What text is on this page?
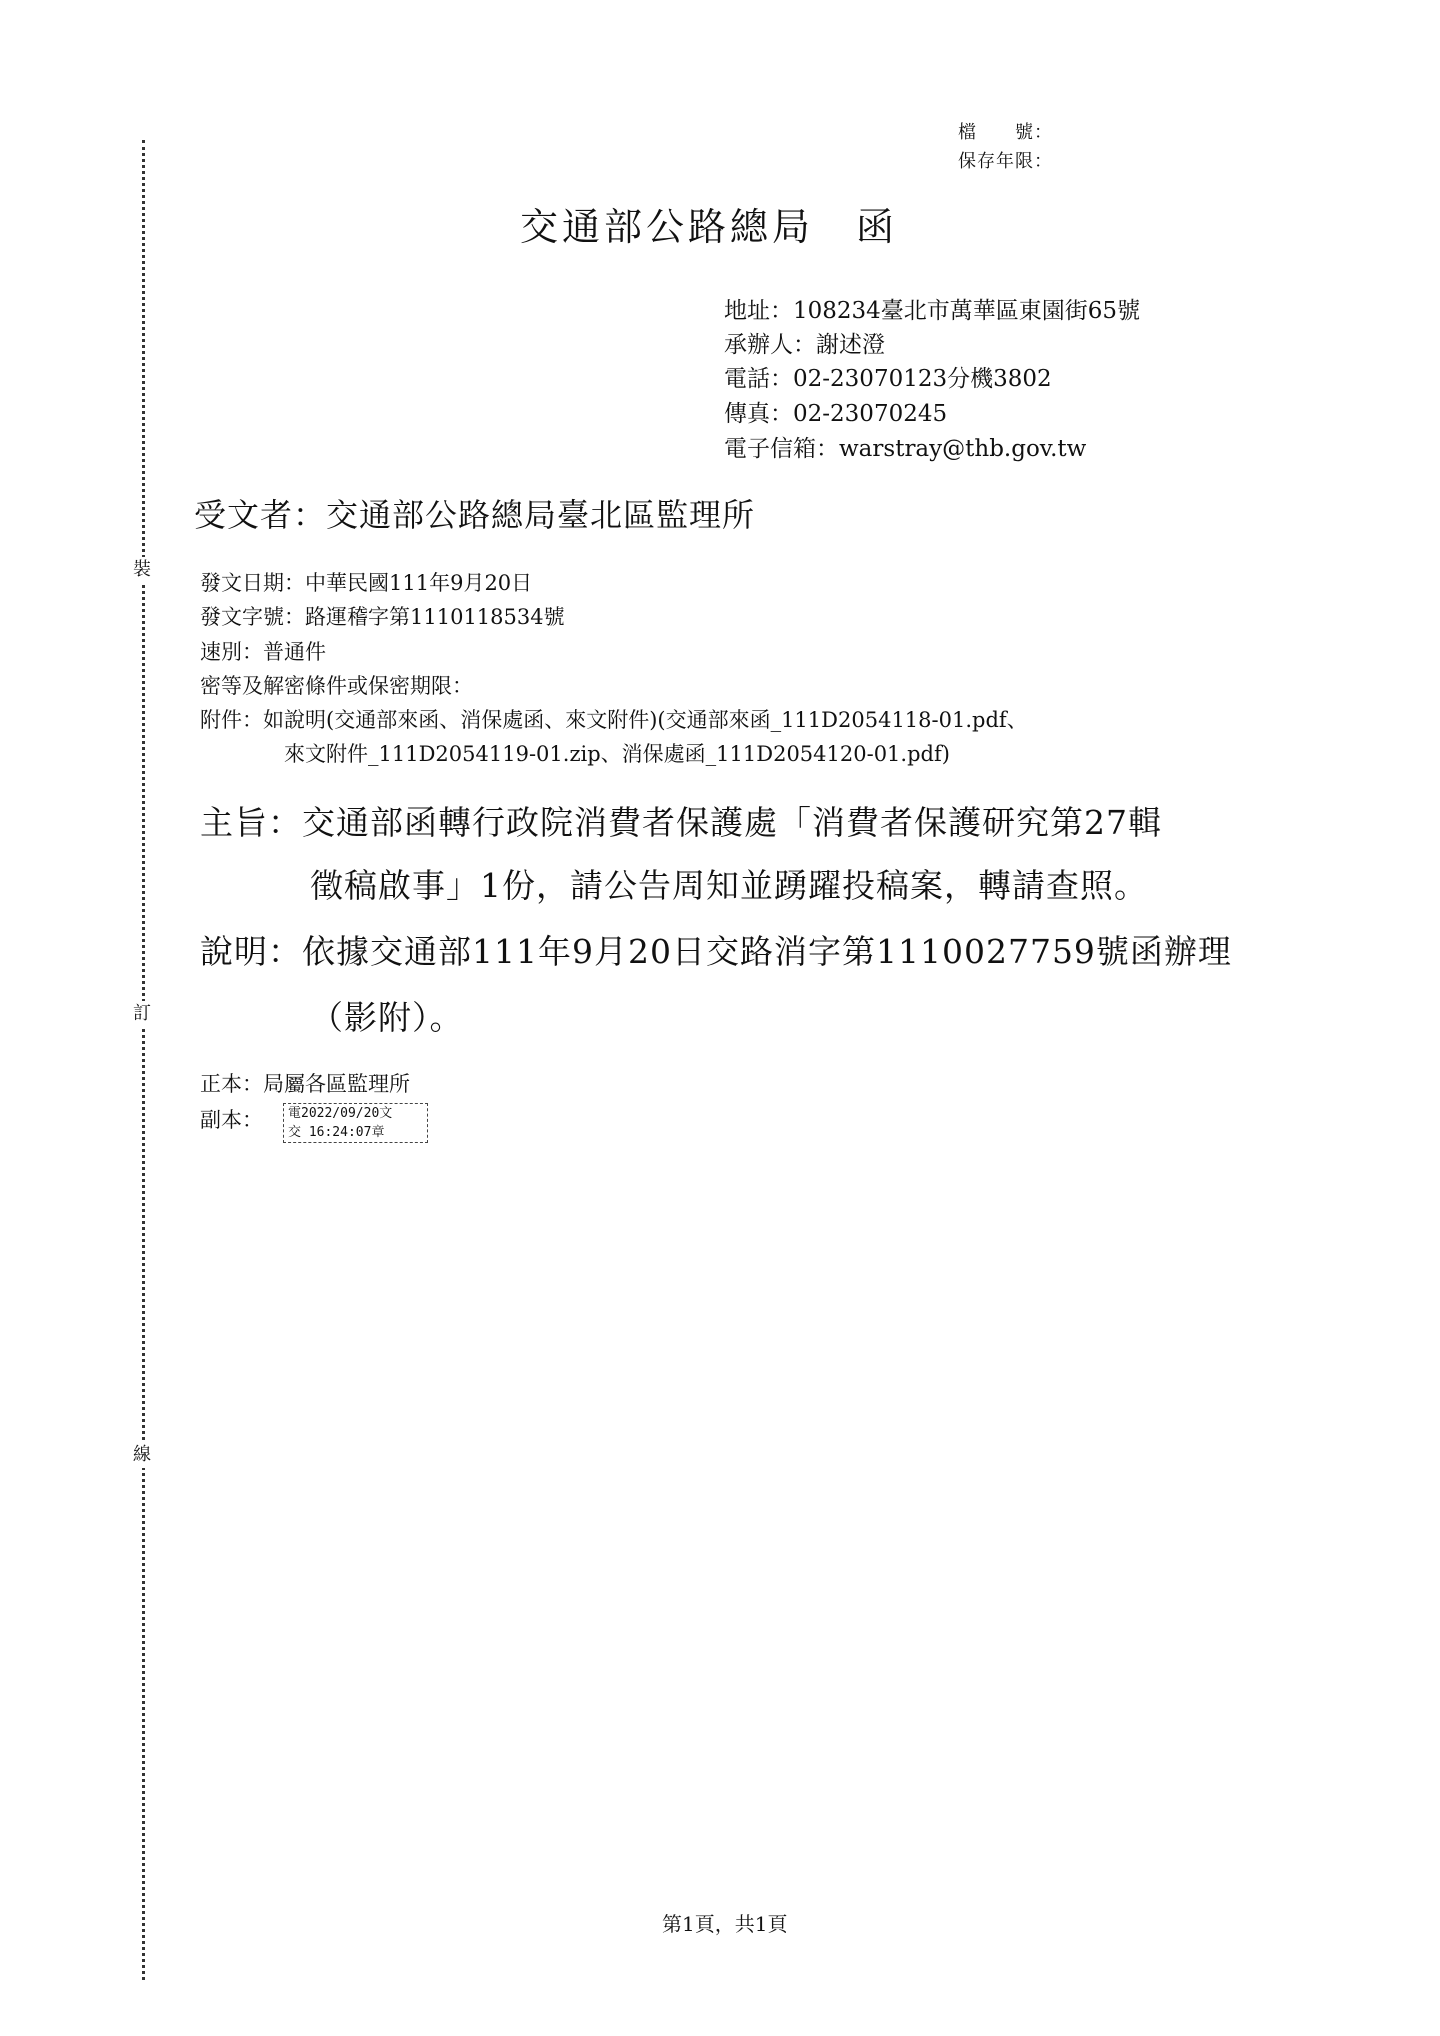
裝
訂
線
檔　　號：
保存年限：
交通部公路總局　函
地址：108234臺北市萬華區東園街65號
承辦人：謝述澄
電話：02-23070123分機3802
傳真：02-23070245
電子信箱：warstray@thb.gov.tw
受文者：交通部公路總局臺北區監理所
發文日期：中華民國111年9月20日
發文字號：路運稽字第1110118534號
速別：普通件
密等及解密條件或保密期限：
附件：如說明(交通部來函、消保處函、來文附件)(交通部來函_111D2054118-01.pdf、
來文附件_111D2054119-01.zip、消保處函_111D2054120-01.pdf)
主旨：交通部函轉行政院消費者保護處「消費者保護研究第27輯
徵稿啟事」1份，請公告周知並踴躍投稿案，轉請查照。
說明：依據交通部111年9月20日交路消字第1110027759號函辦理
（影附）。
正本：局屬各區監理所
副本： 電2022/09/20文
交 16:24:07章
第1頁，共1頁
